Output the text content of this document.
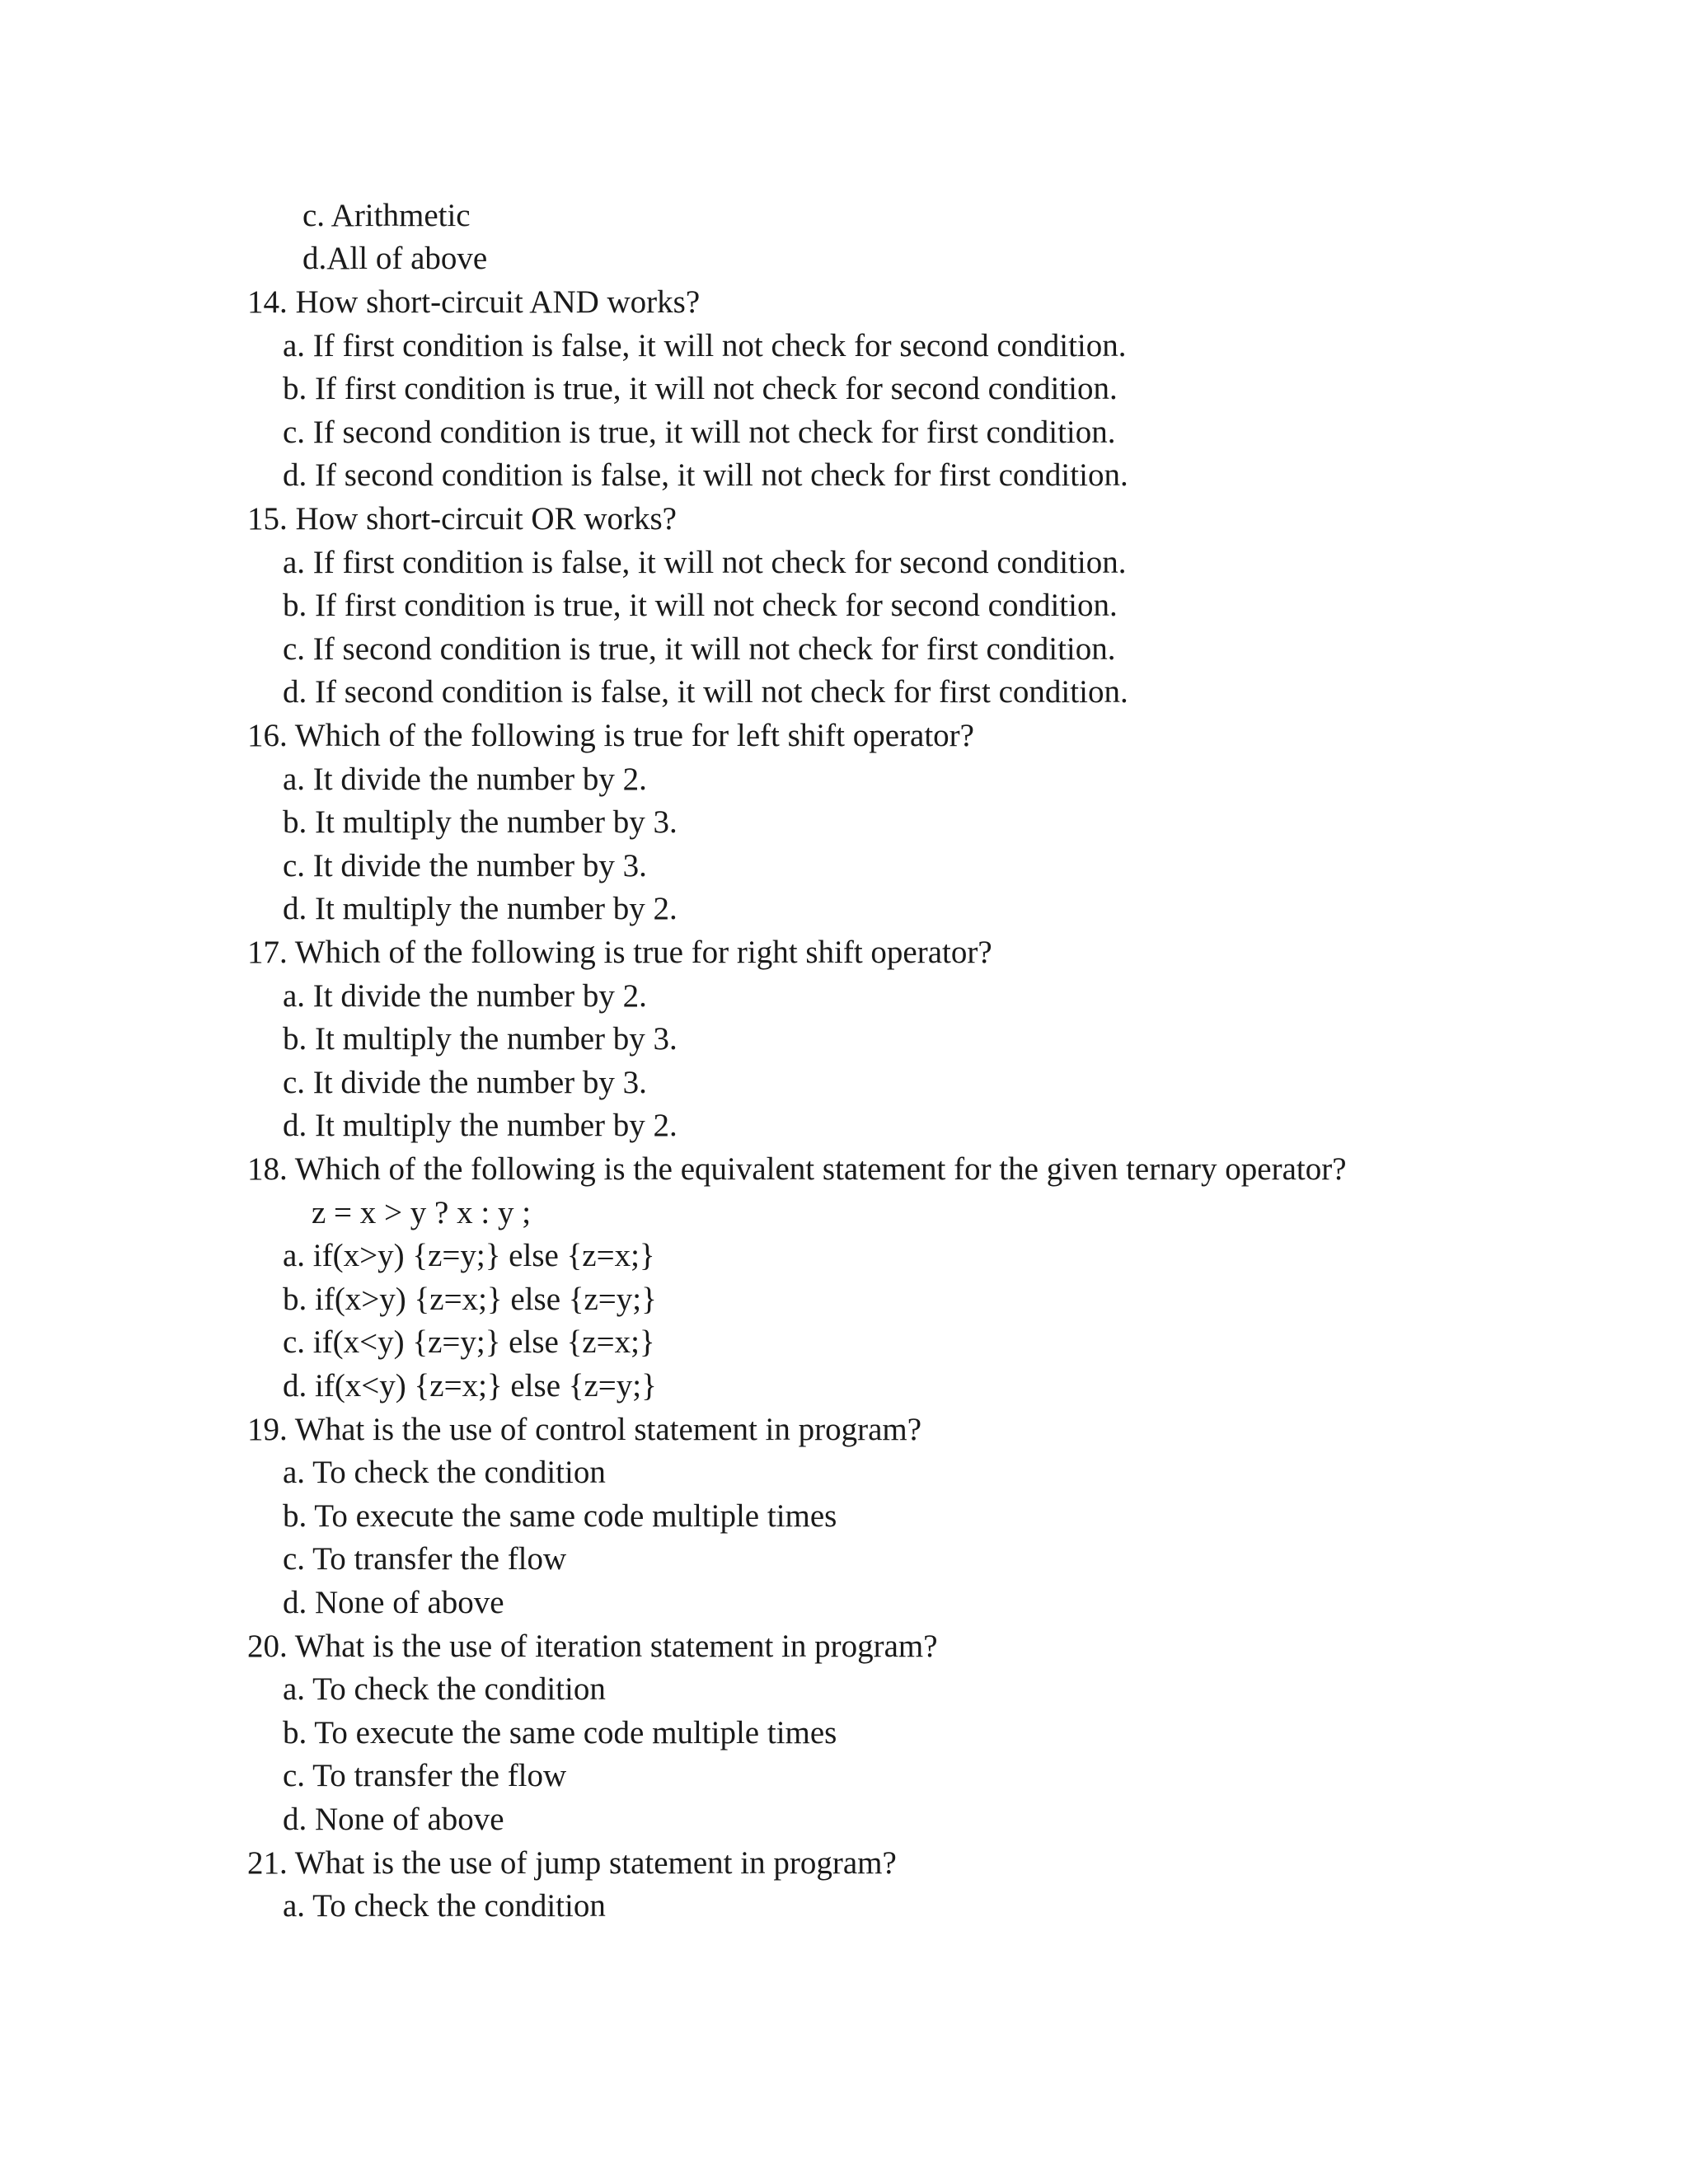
c. Arithmetic
d.All of above
14. How short-circuit AND works?
a. If first condition is false, it will not check for second condition.
b. If first condition is true, it will not check for second condition.
c. If second condition is true, it will not check for first condition.
d. If second condition is false, it will not check for first condition.
15. How short-circuit OR works?
a. If first condition is false, it will not check for second condition.
b. If first condition is true, it will not check for second condition.
c. If second condition is true, it will not check for first condition.
d. If second condition is false, it will not check for first condition.
16. Which of the following is true for left shift operator?
a. It divide the number by 2.
b. It multiply the number by 3.
c. It divide the number by 3.
d. It multiply the number by 2.
17. Which of the following is true for right shift operator?
a. It divide the number by 2.
b. It multiply the number by 3.
c. It divide the number by 3.
d. It multiply the number by 2.
18. Which of the following is the equivalent statement for the given ternary operator?
z = x > y ? x : y ;
a. if(x>y) {z=y;} else {z=x;}
b. if(x>y) {z=x;} else {z=y;}
c. if(x<y) {z=y;} else {z=x;}
d. if(x<y) {z=x;} else {z=y;}
19. What is the use of control statement in program?
a. To check the condition
b. To execute the same code multiple times
c. To transfer the flow
d. None of above
20. What is the use of iteration statement in program?
a. To check the condition
b. To execute the same code multiple times
c. To transfer the flow
d. None of above
21. What is the use of jump statement in program?
a. To check the condition
